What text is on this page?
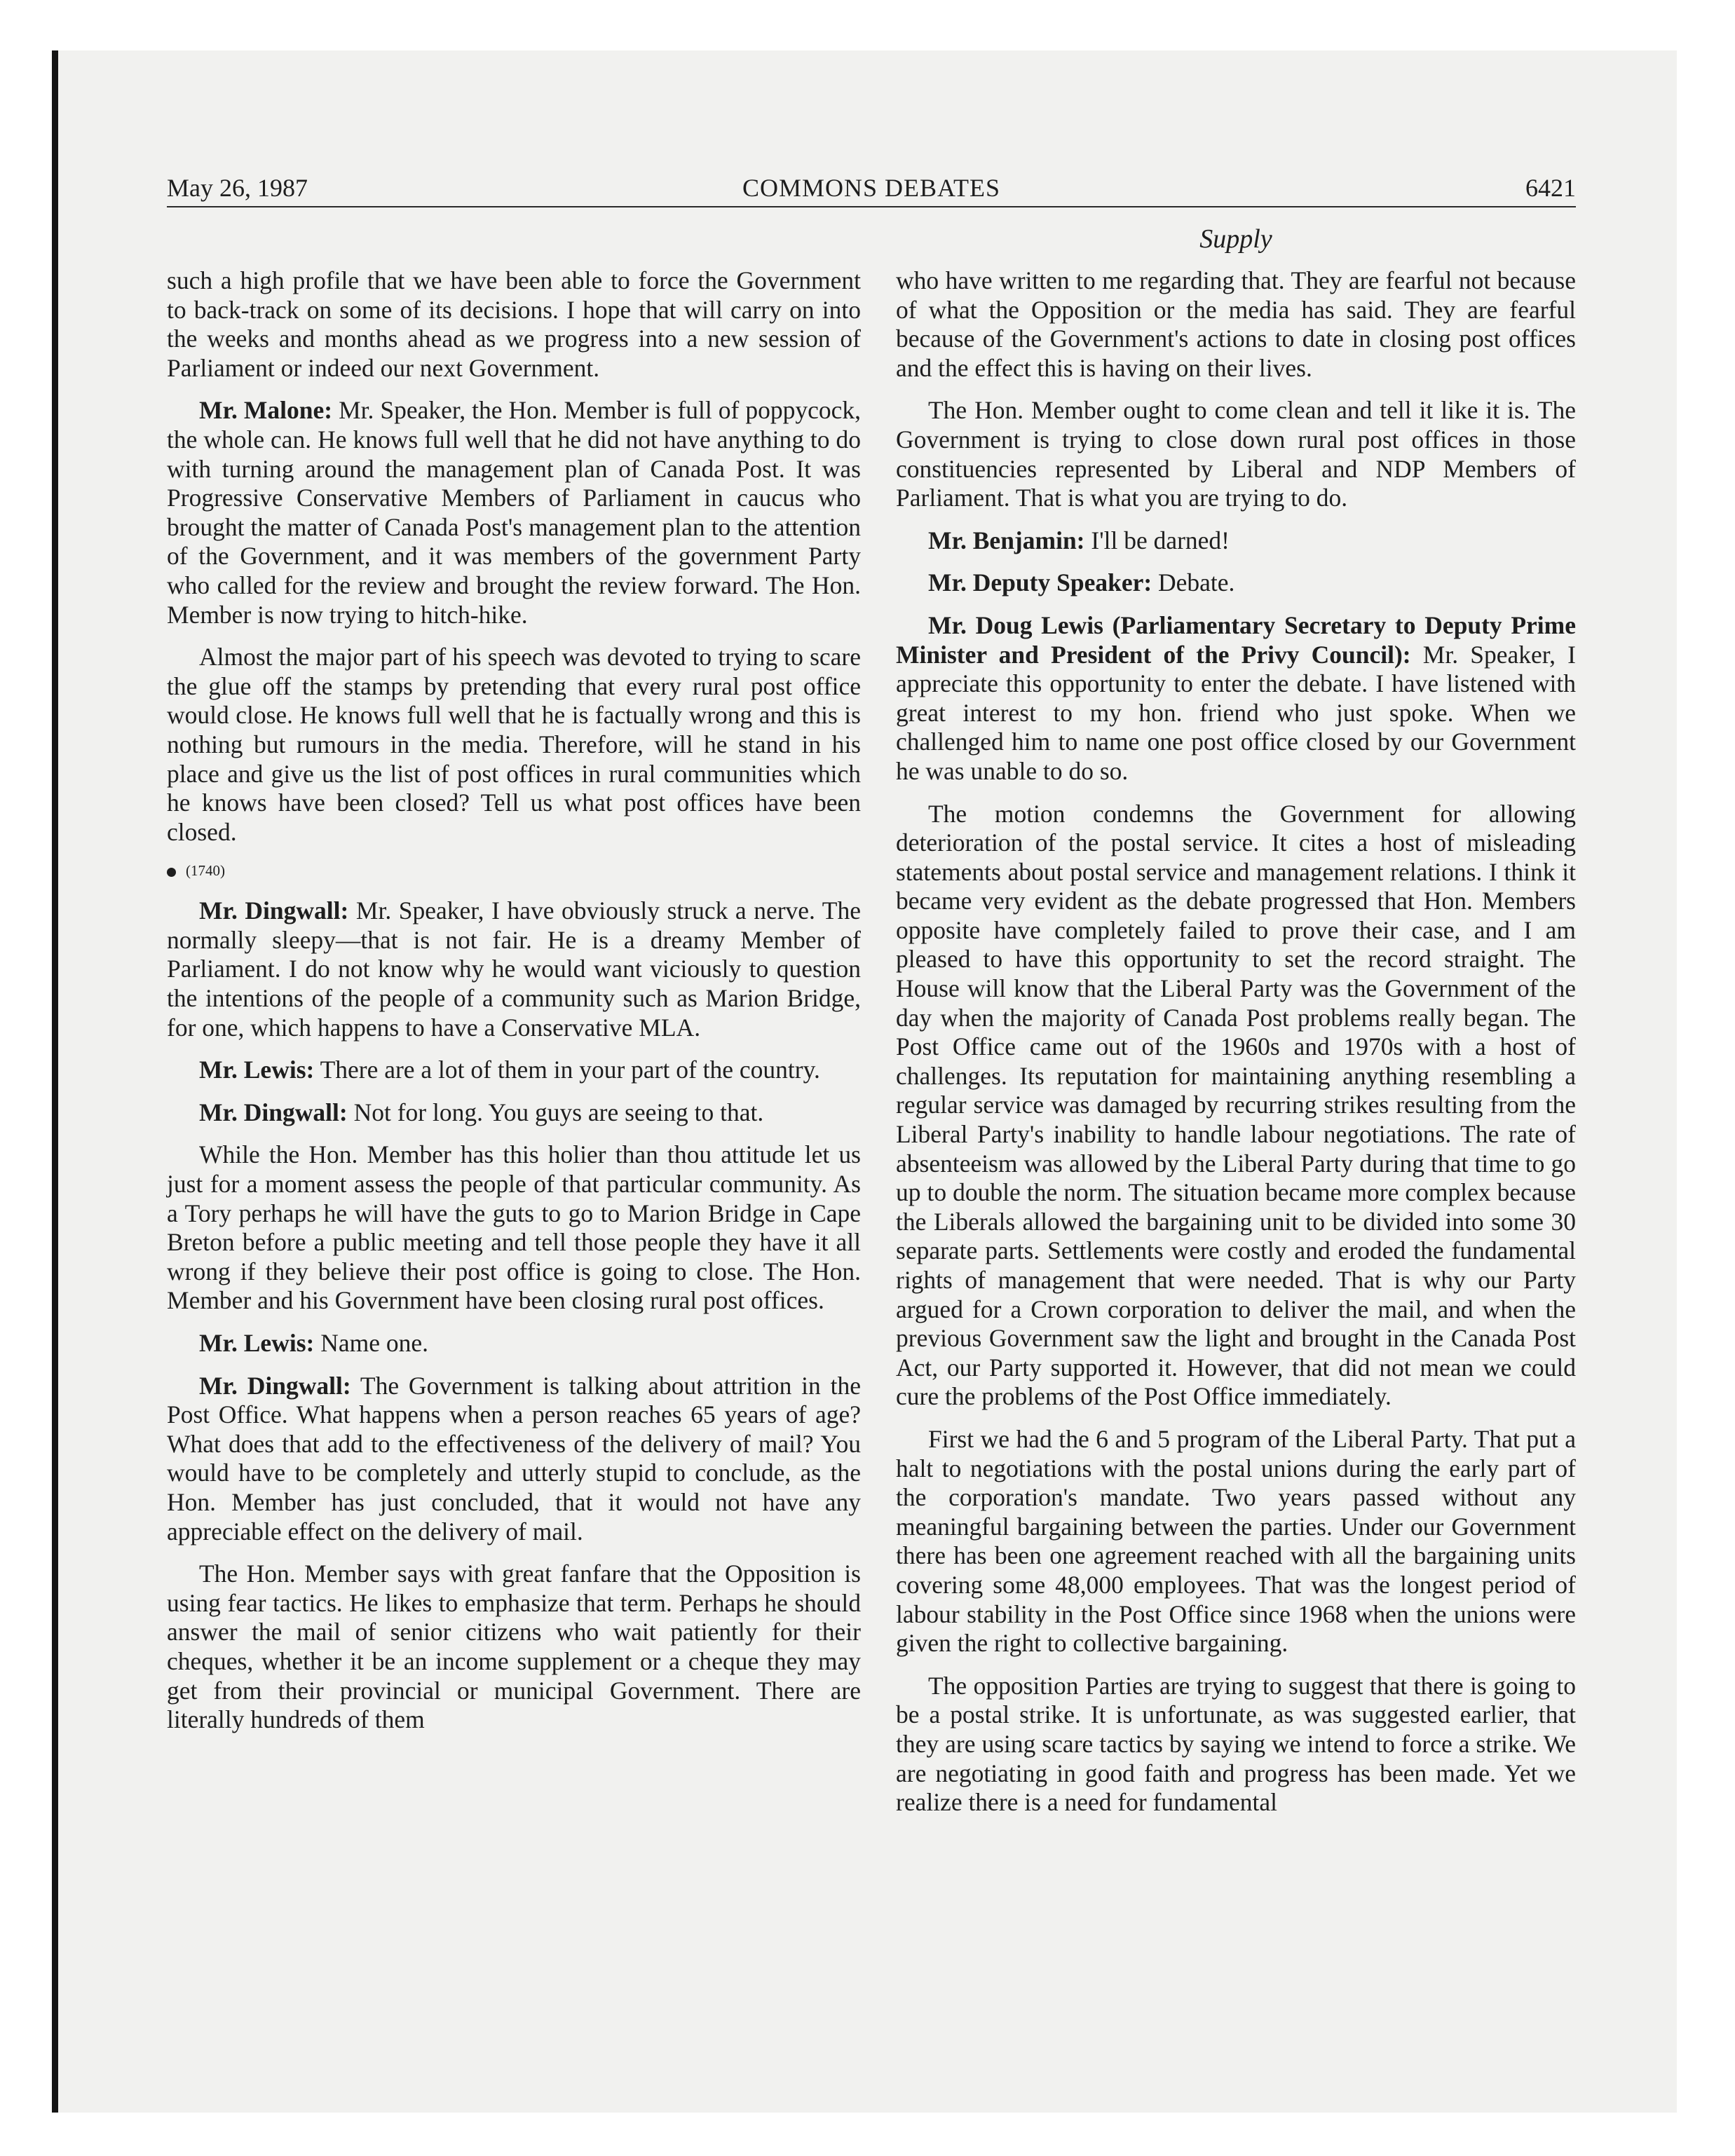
May 26, 1987	COMMONS DEBATES	6421
Supply

such a high profile that we have been able to force the Government to back-track on some of its decisions. I hope that will carry on into the weeks and months ahead as we progress into a new session of Parliament or indeed our next Government.

Mr. Malone: Mr. Speaker, the Hon. Member is full of poppycock, the whole can. He knows full well that he did not have anything to do with turning around the management plan of Canada Post. It was Progressive Conservative Members of Parliament in caucus who brought the matter of Canada Post's management plan to the attention of the Government, and it was members of the government Party who called for the review and brought the review forward. The Hon. Member is now trying to hitch-hike.

Almost the major part of his speech was devoted to trying to scare the glue off the stamps by pretending that every rural post office would close. He knows full well that he is factually wrong and this is nothing but rumours in the media. Therefore, will he stand in his place and give us the list of post offices in rural communities which he knows have been closed? Tell us what post offices have been closed.

(1740)

Mr. Dingwall: Mr. Speaker, I have obviously struck a nerve. The normally sleepy—that is not fair. He is a dreamy Member of Parliament. I do not know why he would want viciously to question the intentions of the people of a community such as Marion Bridge, for one, which happens to have a Conservative MLA.

Mr. Lewis: There are a lot of them in your part of the country.

Mr. Dingwall: Not for long. You guys are seeing to that.

While the Hon. Member has this holier than thou attitude let us just for a moment assess the people of that particular community. As a Tory perhaps he will have the guts to go to Marion Bridge in Cape Breton before a public meeting and tell those people they have it all wrong if they believe their post office is going to close. The Hon. Member and his Government have been closing rural post offices.

Mr. Lewis: Name one.

Mr. Dingwall: The Government is talking about attrition in the Post Office. What happens when a person reaches 65 years of age? What does that add to the effectiveness of the delivery of mail? You would have to be completely and utterly stupid to conclude, as the Hon. Member has just concluded, that it would not have any appreciable effect on the delivery of mail.

The Hon. Member says with great fanfare that the Opposition is using fear tactics. He likes to emphasize that term. Perhaps he should answer the mail of senior citizens who wait patiently for their cheques, whether it be an income supplement or a cheque they may get from their provincial or municipal Government. There are literally hundreds of them

who have written to me regarding that. They are fearful not because of what the Opposition or the media has said. They are fearful because of the Government's actions to date in closing post offices and the effect this is having on their lives.

The Hon. Member ought to come clean and tell it like it is. The Government is trying to close down rural post offices in those constituencies represented by Liberal and NDP Members of Parliament. That is what you are trying to do.

Mr. Benjamin: I'll be darned!

Mr. Deputy Speaker: Debate.

Mr. Doug Lewis (Parliamentary Secretary to Deputy Prime Minister and President of the Privy Council): Mr. Speaker, I appreciate this opportunity to enter the debate. I have listened with great interest to my hon. friend who just spoke. When we challenged him to name one post office closed by our Government he was unable to do so.

The motion condemns the Government for allowing deterioration of the postal service. It cites a host of misleading statements about postal service and management relations. I think it became very evident as the debate progressed that Hon. Members opposite have completely failed to prove their case, and I am pleased to have this opportunity to set the record straight. The House will know that the Liberal Party was the Government of the day when the majority of Canada Post problems really began. The Post Office came out of the 1960s and 1970s with a host of challenges. Its reputation for maintaining anything resembling a regular service was damaged by recurring strikes resulting from the Liberal Party's inability to handle labour negotiations. The rate of absenteeism was allowed by the Liberal Party during that time to go up to double the norm. The situation became more complex because the Liberals allowed the bargaining unit to be divided into some 30 separate parts. Settlements were costly and eroded the fundamental rights of management that were needed. That is why our Party argued for a Crown corporation to deliver the mail, and when the previous Government saw the light and brought in the Canada Post Act, our Party supported it. However, that did not mean we could cure the problems of the Post Office immediately.

First we had the 6 and 5 program of the Liberal Party. That put a halt to negotiations with the postal unions during the early part of the corporation's mandate. Two years passed without any meaningful bargaining between the parties. Under our Government there has been one agreement reached with all the bargaining units covering some 48,000 employees. That was the longest period of labour stability in the Post Office since 1968 when the unions were given the right to collective bargaining.

The opposition Parties are trying to suggest that there is going to be a postal strike. It is unfortunate, as was suggested earlier, that they are using scare tactics by saying we intend to force a strike. We are negotiating in good faith and progress has been made. Yet we realize there is a need for fundamental
